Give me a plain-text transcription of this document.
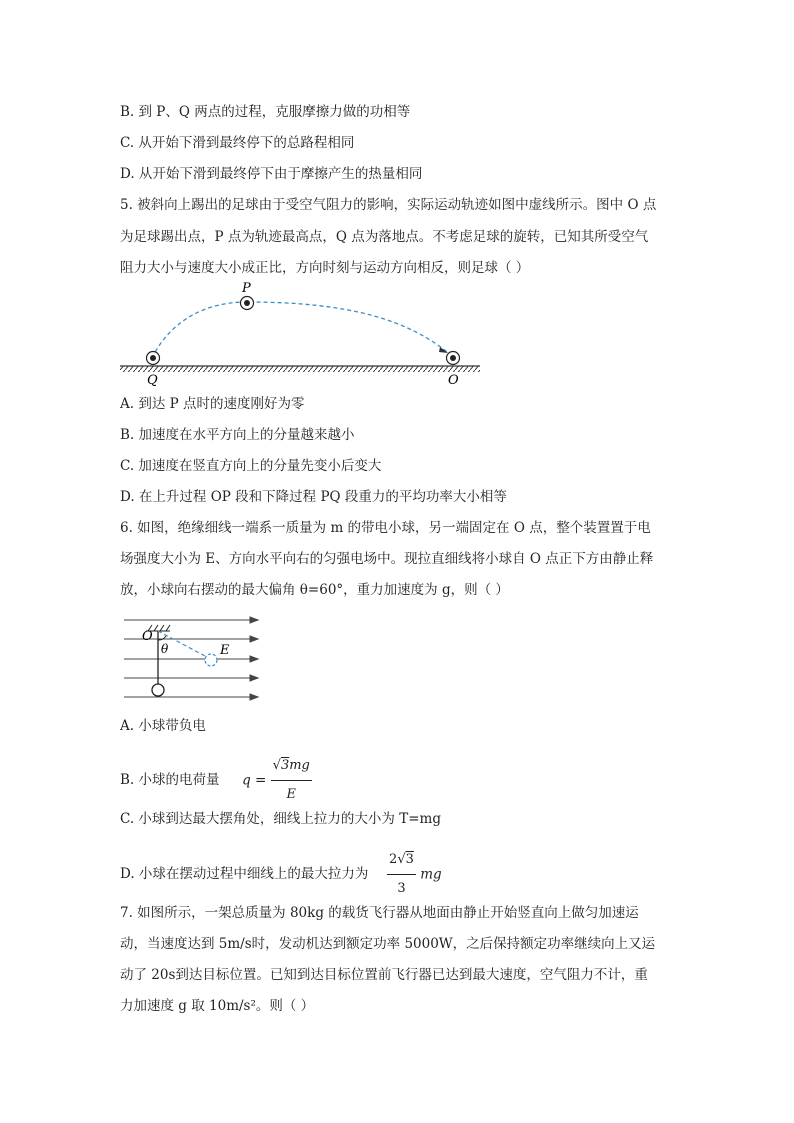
B. 到 P、Q 两点的过程，克服摩擦力做的功相等
C. 从开始下滑到最终停下的总路程相同
D. 从开始下滑到最终停下由于摩擦产生的热量相同
5. 被斜向上踢出的足球由于受空气阻力的影响，实际运动轨迹如图中虚线所示。图中 O 点
为足球踢出点，P 点为轨迹最高点，Q 点为落地点。不考虑足球的旋转，已知其所受空气
阻力大小与速度大小成正比，方向时刻与运动方向相反，则足球（ ）
P
Q	O
A. 到达 P 点时的速度刚好为零
B. 加速度在水平方向上的分量越来越小
C. 加速度在竖直方向上的分量先变小后变大
D. 在上升过程 OP 段和下降过程 PQ 段重力的平均功率大小相等
6. 如图，绝缘细线一端系一质量为 m 的带电小球，另一端固定在 O 点，整个装置置于电
场强度大小为 E、方向水平向右的匀强电场中。现拉直细线将小球自 O 点正下方由静止释
放，小球向右摆动的最大偏角 θ=60°，重力加速度为 g，则（ ）
O
θ	E
A. 小球带负电
B. 小球的电荷量 $q = \frac{√3mg}{E}$
C. 小球到达最大摆角处，细线上拉力的大小为 T=mg
D. 小球在摆动过程中细线上的最大拉力为 $\frac{2√3}{3}$ mg
7. 如图所示，一架总质量为 80kg 的载货飞行器从地面由静止开始竖直向上做匀加速运
动，当速度达到 5m/s时，发动机达到额定功率 5000W，之后保持额定功率继续向上又运
动了 20s到达目标位置。已知到达目标位置前飞行器已达到最大速度，空气阻力不计，重
力加速度 g 取 10m/s²。则（ ）
